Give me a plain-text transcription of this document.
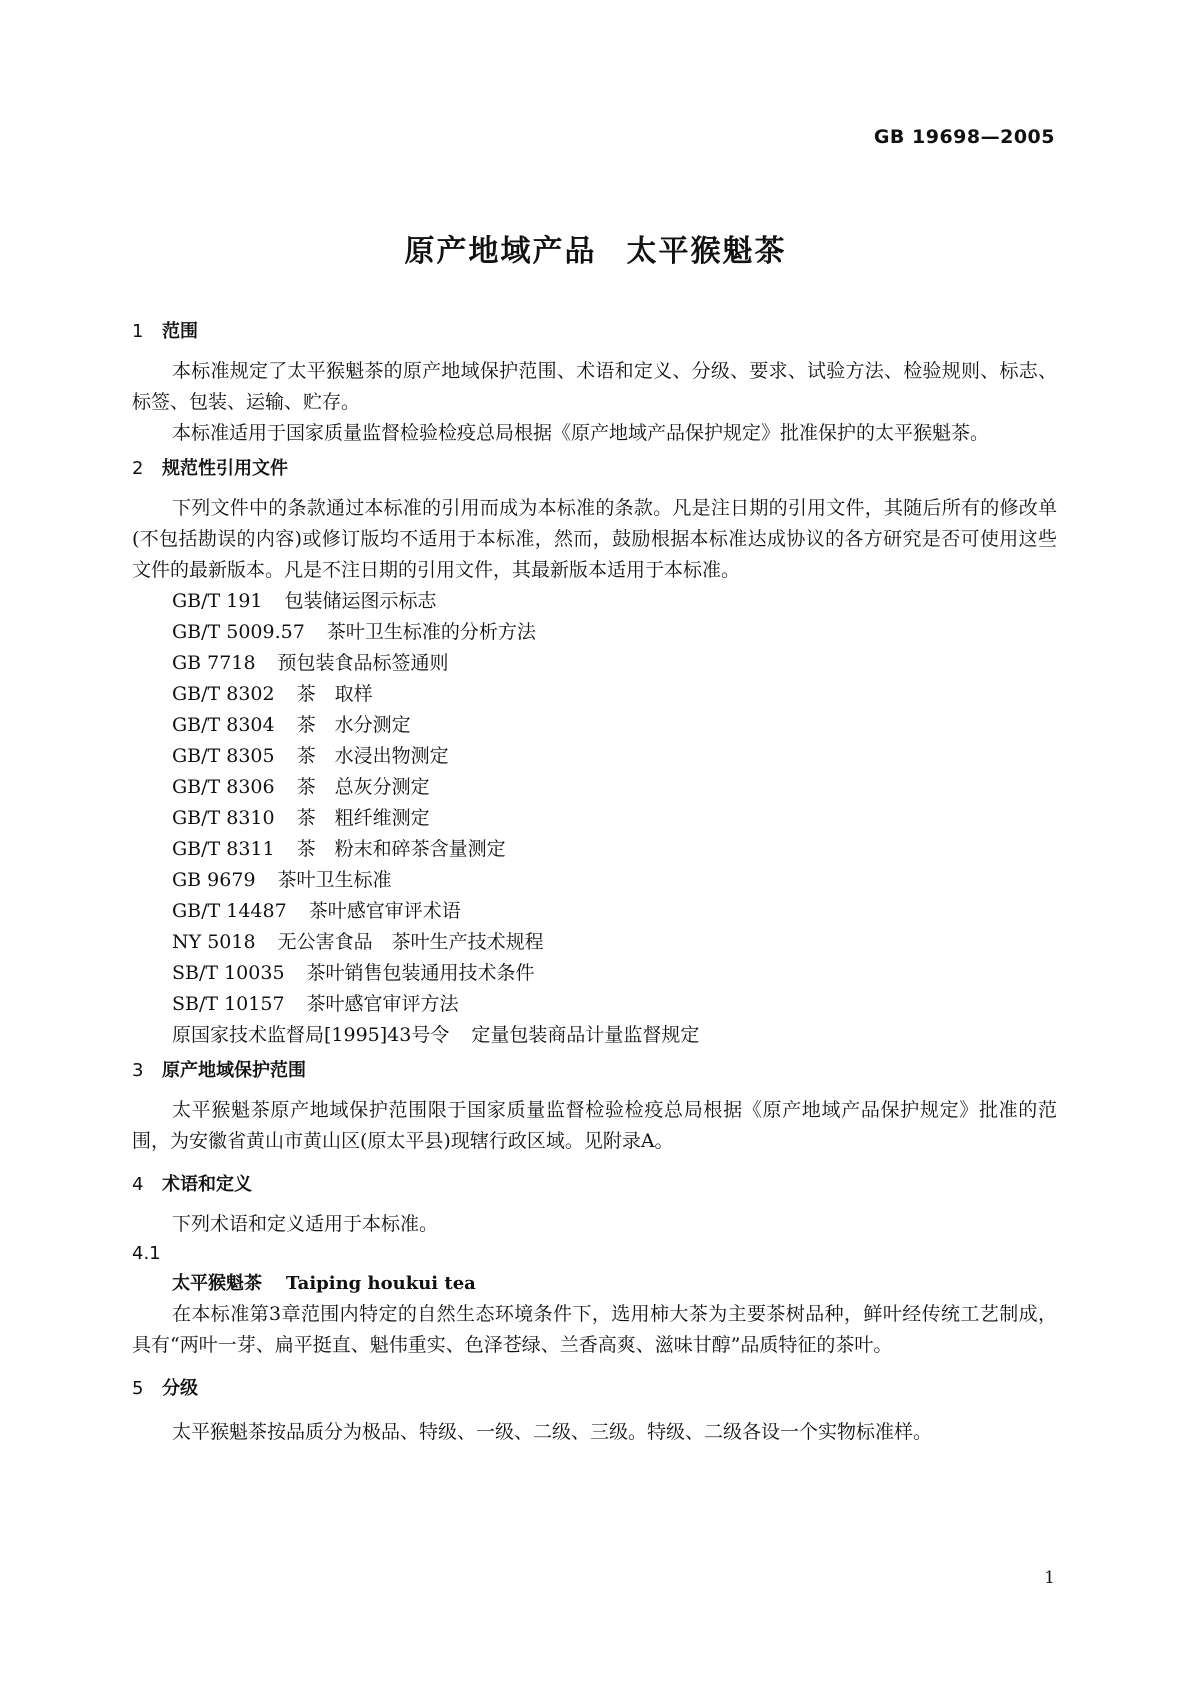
GB 19698—2005
原产地域产品 太平猴魁茶

1 范围

本标准规定了太平猴魁茶的原产地域保护范围、术语和定义、分级、要求、试验方法、检验规则、标志、标签、包装、运输、贮存。

本标准适用于国家质量监督检验检疫总局根据《原产地域产品保护规定》批准保护的太平猴魁茶。

2 规范性引用文件

下列文件中的条款通过本标准的引用而成为本标准的条款。凡是注日期的引用文件，其随后所有的修改单(不包括勘误的内容)或修订版均不适用于本标准，然而，鼓励根据本标准达成协议的各方研究是否可使用这些文件的最新版本。凡是不注日期的引用文件，其最新版本适用于本标准。

GB/T 191 包装储运图示标志

GB/T 5009.57 茶叶卫生标准的分析方法

GB 7718 预包装食品标签通则

GB/T 8302 茶　取样

GB/T 8304 茶　水分测定

GB/T 8305 茶　水浸出物测定

GB/T 8306 茶　总灰分测定

GB/T 8310 茶　粗纤维测定

GB/T 8311 茶　粉末和碎茶含量测定

GB 9679 茶叶卫生标准

GB/T 14487 茶叶感官审评术语

NY 5018 无公害食品　茶叶生产技术规程

SB/T 10035 茶叶销售包装通用技术条件

SB/T 10157 茶叶感官审评方法

原国家技术监督局[1995]43号令 定量包装商品计量监督规定

3 原产地域保护范围

太平猴魁茶原产地域保护范围限于国家质量监督检验检疫总局根据《原产地域产品保护规定》批准的范围，为安徽省黄山市黄山区(原太平县)现辖行政区域。见附录A。

4 术语和定义

下列术语和定义适用于本标准。

4.1

太平猴魁茶 Taiping houkui tea

在本标准第3章范围内特定的自然生态环境条件下，选用柿大茶为主要茶树品种，鲜叶经传统工艺制成，具有“两叶一芽、扁平挺直、魁伟重实、色泽苍绿、兰香高爽、滋味甘醇”品质特征的茶叶。

5 分级

太平猴魁茶按品质分为极品、特级、一级、二级、三级。特级、二级各设一个实物标准样。

1
